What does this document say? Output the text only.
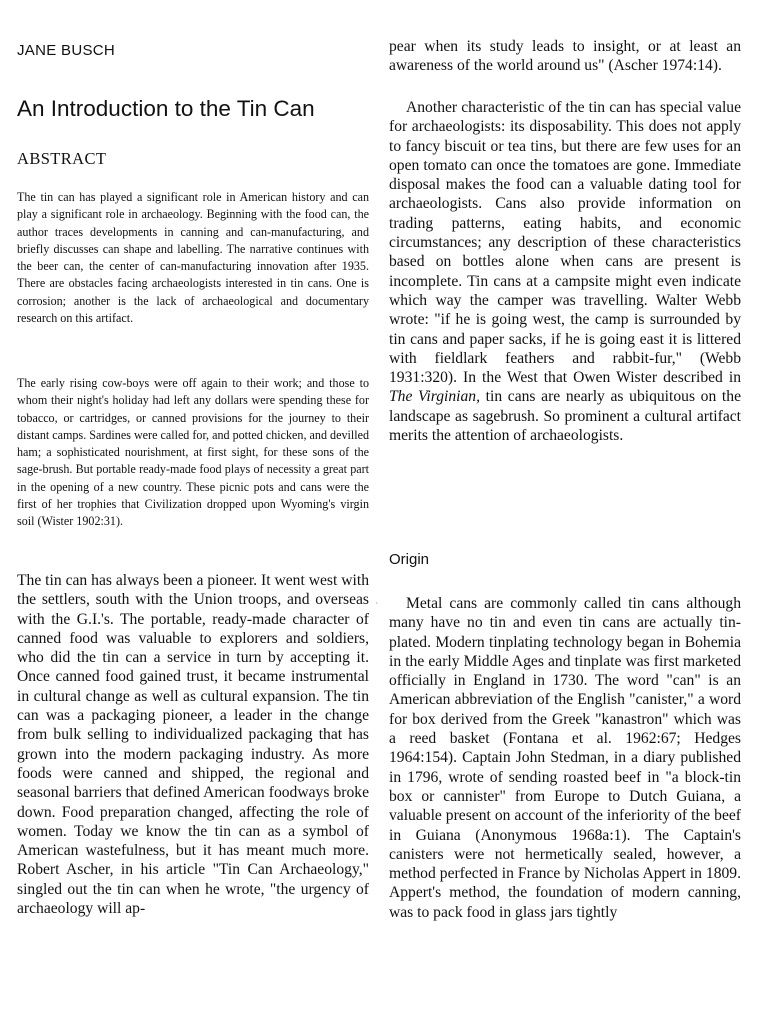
JANE BUSCH
An Introduction to the Tin Can
ABSTRACT

The tin can has played a significant role in American history and can play a significant role in archaeology. Beginning with the food can, the author traces developments in canning and can-manufacturing, and briefly discusses can shape and labelling. The narrative continues with the beer can, the center of can-manufacturing innovation after 1935. There are obstacles facing archaeologists interested in tin cans. One is corrosion; another is the lack of archaeological and documentary research on this artifact.

The early rising cow-boys were off again to their work; and those to whom their night's holiday had left any dollars were spending these for tobacco, or cartridges, or canned provisions for the journey to their distant camps. Sardines were called for, and potted chicken, and devilled ham; a sophisticated nourishment, at first sight, for these sons of the sage-brush. But portable ready-made food plays of necessity a great part in the opening of a new country. These picnic pots and cans were the first of her trophies that Civilization dropped upon Wyoming's virgin soil (Wister 1902:31).

The tin can has always been a pioneer. It went west with the settlers, south with the Union troops, and overseas with the G.I.'s. The portable, ready-made character of canned food was valuable to explorers and soldiers, who did the tin can a service in turn by accepting it. Once canned food gained trust, it became instrumental in cultural change as well as cultural expansion. The tin can was a packaging pioneer, a leader in the change from bulk selling to individualized packaging that has grown into the modern packaging industry. As more foods were canned and shipped, the regional and seasonal barriers that defined American foodways broke down. Food preparation changed, affecting the role of women. Today we know the tin can as a symbol of American wastefulness, but it has meant much more. Robert Ascher, in his article "Tin Can Archaeology," singled out the tin can when he wrote, "the urgency of archaeology will ap-

`

pear when its study leads to insight, or at least an awareness of the world around us" (Ascher 1974:14).

Another characteristic of the tin can has special value for archaeologists: its disposability. This does not apply to fancy biscuit or tea tins, but there are few uses for an open tomato can once the tomatoes are gone. Immediate disposal makes the food can a valuable dating tool for archaeologists. Cans also provide information on trading patterns, eating habits, and economic circumstances; any description of these characteristics based on bottles alone when cans are present is incomplete. Tin cans at a campsite might even indicate which way the camper was travelling. Walter Webb wrote: "if he is going west, the camp is surrounded by tin cans and paper sacks, if he is going east it is littered with fieldlark feathers and rabbit-fur," (Webb 1931:320). In the West that Owen Wister described in The Virginian, tin cans are nearly as ubiquitous on the landscape as sagebrush. So prominent a cultural artifact merits the attention of archaeologists.

Origin

Metal cans are commonly called tin cans although many have no tin and even tin cans are actually tin-plated. Modern tinplating technology began in Bohemia in the early Middle Ages and tinplate was first marketed officially in England in 1730. The word "can" is an American abbreviation of the English "canister," a word for box derived from the Greek "kanastron" which was a reed basket (Fontana et al. 1962:67; Hedges 1964:154). Captain John Stedman, in a diary published in 1796, wrote of sending roasted beef in "a block-tin box or cannister" from Europe to Dutch Guiana, a valuable present on account of the inferiority of the beef in Guiana (Anonymous 1968a:1). The Captain's canisters were not hermetically sealed, however, a method perfected in France by Nicholas Appert in 1809. Appert's method, the foundation of modern canning, was to pack food in glass jars tightly
